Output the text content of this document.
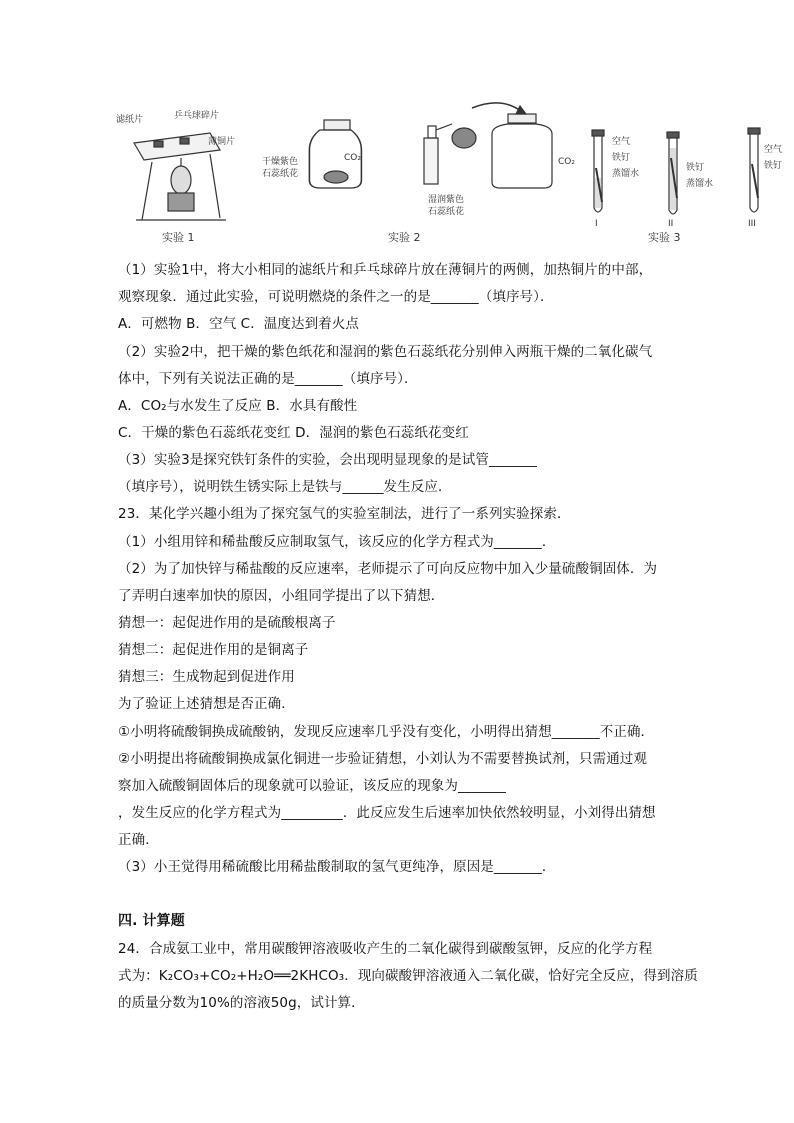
滤纸片	乒乓球碎片
薄铜片
实验 1
干燥紫色
石蕊纸花
CO₂
湿润紫色
石蕊纸花
CO₂
实验 2
空气
铁钉
蒸馏水
铁钉
蒸馏水
空气
铁钉
I	II	III
实验 3
（1）实验1中，将大小相同的滤纸片和乒乓球碎片放在薄铜片的两侧，加热铜片的中部，
观察现象．通过此实验，可说明燃烧的条件之一的是_______（填序号）．
A．可燃物 B．空气 C．温度达到着火点
（2）实验2中，把干燥的紫色纸花和湿润的紫色石蕊纸花分别伸入两瓶干燥的二氧化碳气
体中，下列有关说法正确的是_______（填序号）．
A．CO₂与水发生了反应 B．水具有酸性
C．干燥的紫色石蕊纸花变红 D．湿润的紫色石蕊纸花变红
（3）实验3是探究铁钉条件的实验，会出现明显现象的是试管_______
（填序号），说明铁生锈实际上是铁与______发生反应．
23．某化学兴趣小组为了探究氢气的实验室制法，进行了一系列实验探索．
（1）小组用锌和稀盐酸反应制取氢气，该反应的化学方程式为_______．
（2）为了加快锌与稀盐酸的反应速率，老师提示了可向反应物中加入少量硫酸铜固体．为
了弄明白速率加快的原因，小组同学提出了以下猜想．
猜想一：起促进作用的是硫酸根离子
猜想二：起促进作用的是铜离子
猜想三：生成物起到促进作用
为了验证上述猜想是否正确．
①小明将硫酸铜换成硫酸钠，发现反应速率几乎没有变化，小明得出猜想_______不正确．
②小明提出将硫酸铜换成氯化铜进一步验证猜想，小刘认为不需要替换试剂，只需通过观
察加入硫酸铜固体后的现象就可以验证，该反应的现象为_______
，发生反应的化学方程式为_________．此反应发生后速率加快依然较明显，小刘得出猜想
正确．
（3）小王觉得用稀硫酸比用稀盐酸制取的氢气更纯净，原因是_______．
四. 计算题
24．合成氨工业中，常用碳酸钾溶液吸收产生的二氧化碳得到碳酸氢钾，反应的化学方程
式为：K₂CO₃+CO₂+H₂O══2KHCO₃．现向碳酸钾溶液通入二氧化碳，恰好完全反应，得到溶质
的质量分数为10%的溶液50g，试计算．
